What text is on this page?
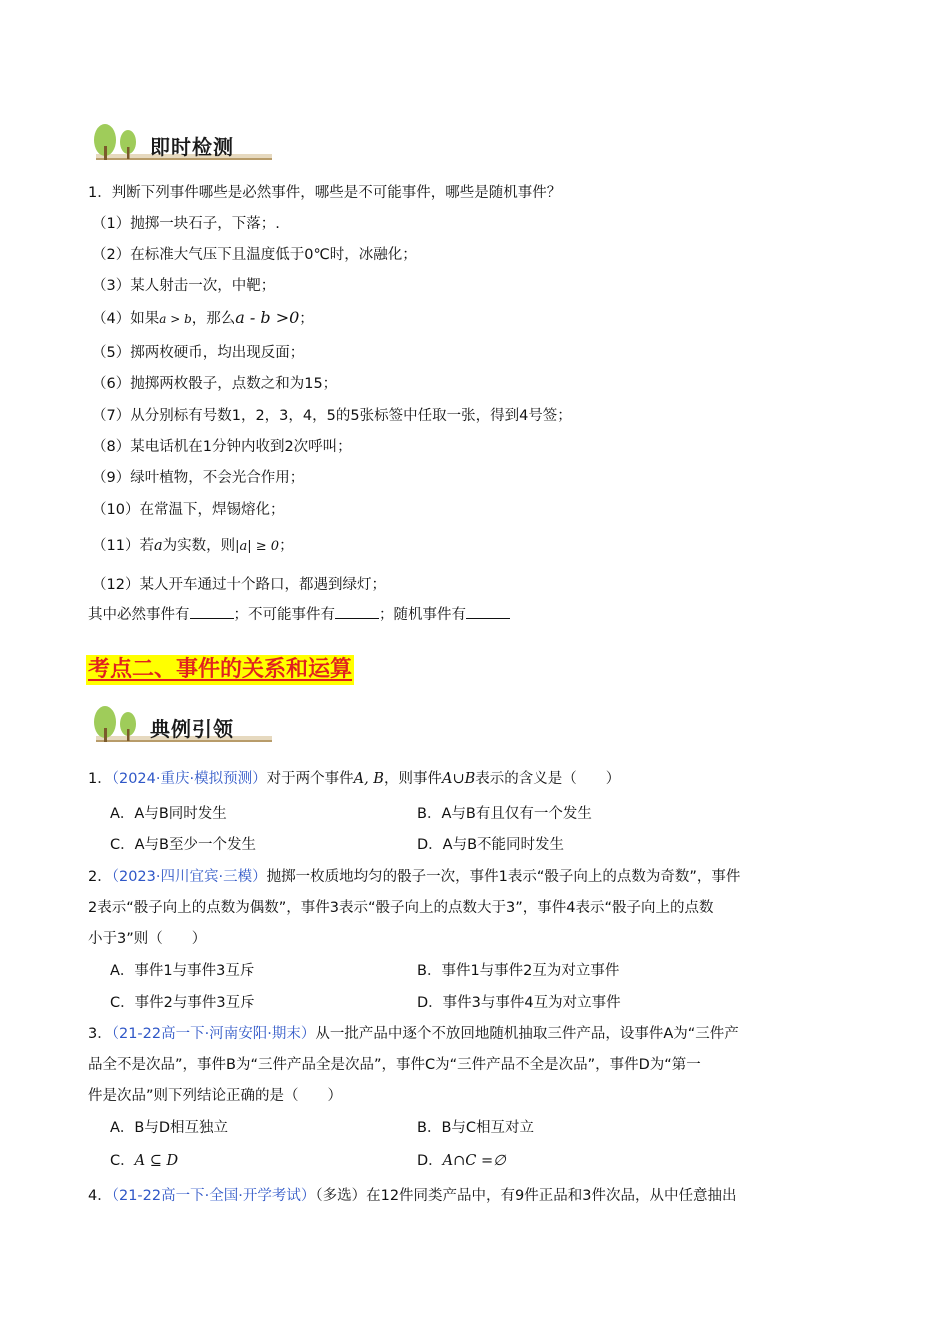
即时检测
1．判断下列事件哪些是必然事件，哪些是不可能事件，哪些是随机事件？
（1）抛掷一块石子，下落；.
（2）在标准大气压下且温度低于0℃时，冰融化；
（3）某人射击一次，中靶；
（4）如果a > b，那么a - b >0；
（5）掷两枚硬币，均出现反面；
（6）抛掷两枚骰子，点数之和为15；
（7）从分别标有号数1，2，3，4，5的5张标签中任取一张，得到4号签；
（8）某电话机在1分钟内收到2次呼叫；
（9）绿叶植物，不会光合作用；
（10）在常温下，焊锡熔化；
（11）若a为实数，则|a| ≥ 0；
（12）某人开车通过十个路口，都遇到绿灯；
其中必然事件有	；不可能事件有	；随机事件有
考点二、事件的关系和运算
典例引领
1．（2024·重庆·模拟预测）对于两个事件A, B，则事件A∪B表示的含义是（　　）
A．A与B同时发生	B．A与B有且仅有一个发生
C．A与B至少一个发生	D．A与B不能同时发生
2．（2023·四川宜宾·三模）抛掷一枚质地均匀的骰子一次，事件1表示“骰子向上的点数为奇数”，事件
2表示“骰子向上的点数为偶数”，事件3表示“骰子向上的点数大于3”，事件4表示“骰子向上的点数
小于3”则（　　）
A．事件1与事件3互斥	B．事件1与事件2互为对立事件
C．事件2与事件3互斥	D．事件3与事件4互为对立事件
3．（21-22高一下·河南安阳·期末）从一批产品中逐个不放回地随机抽取三件产品，设事件A为“三件产
品全不是次品”，事件B为“三件产品全是次品”，事件C为“三件产品不全是次品”，事件D为“第一
件是次品”则下列结论正确的是（　　）
A．B与D相互独立	B．B与C相互对立
C．A ⊆ D	D．A∩C =∅
4．（21-22高一下·全国·开学考试）（多选）在12件同类产品中，有9件正品和3件次品，从中任意抽出
